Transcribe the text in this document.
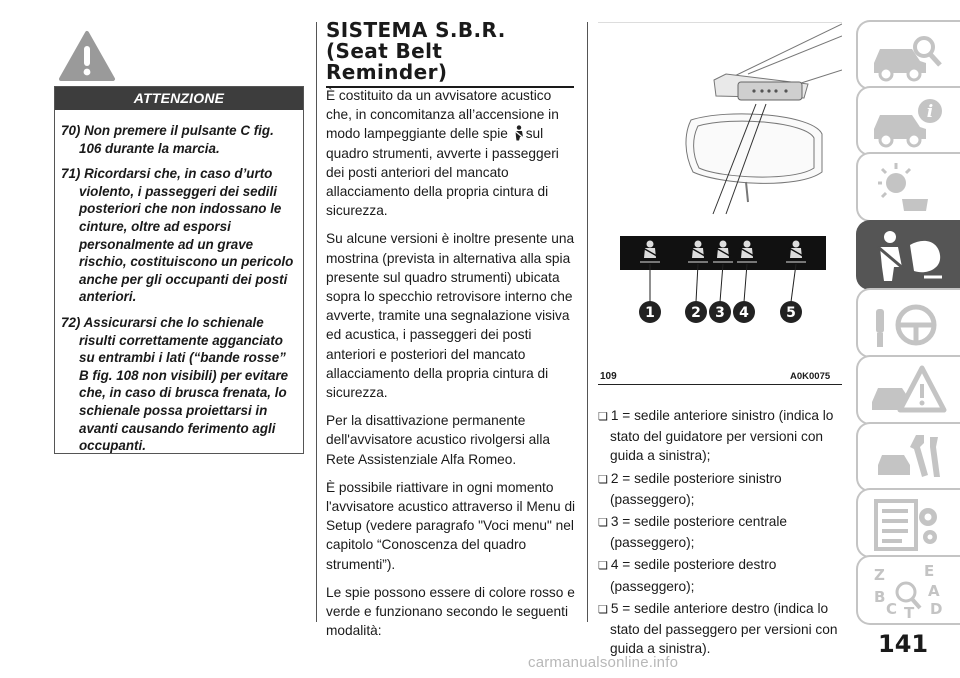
ATTENZIONE
70) Non premere il pulsante C fig. 106 durante la marcia.
71) Ricordarsi che, in caso d’urto violento, i passeggeri dei sedili posteriori che non indossano le cinture, oltre ad esporsi personalmente ad un grave rischio, costituiscono un pericolo anche per gli occupanti dei posti anteriori.
72) Assicurarsi che lo schienale risulti correttamente agganciato su entrambi i lati (“bande rosse” B fig. 108 non visibili) per evitare che, in caso di brusca frenata, lo schienale possa proiettarsi in avanti causando ferimento agli occupanti.
SISTEMA S.B.R.
(Seat Belt
Reminder)

È costituito da un avvisatore acustico che, in concomitanza all’accensione in modo lampeggiante delle spie sul quadro strumenti, avverte i passeggeri dei posti anteriori del mancato allacciamento della propria cintura di sicurezza.

Su alcune versioni è inoltre presente una mostrina (prevista in alternativa alla spia presente sul quadro strumenti) ubicata sopra lo specchio retrovisore interno che avverte, tramite una segnalazione visiva ed acustica, i passeggeri dei posti anteriori e posteriori del mancato allacciamento della propria cintura di sicurezza.

Per la disattivazione permanente dell'avvisatore acustico rivolgersi alla Rete Assistenziale Alfa Romeo.

È possibile riattivare in ogni momento l'avvisatore acustico attraverso il Menu di Setup (vedere paragrafo "Voci menu" nel capitolo “Conoscenza del quadro strumenti”).

Le spie possono essere di colore rosso e verde e funzionano secondo le seguenti modalità:

1	2 3 4	5
109	A0K0075
❏ 1 = sedile anteriore sinistro (indica lo stato del guidatore per versioni con guida a sinistra);
❏ 2 = sedile posteriore sinistro (passeggero);
❏ 3 = sedile posteriore centrale (passeggero);
❏ 4 = sedile posteriore destro (passeggero);
❏ 5 = sedile anteriore destro (indica lo stato del passeggero per versioni con guida a sinistra).
i
Z	E
B	A
C T D
141
carmanualsonline.info
